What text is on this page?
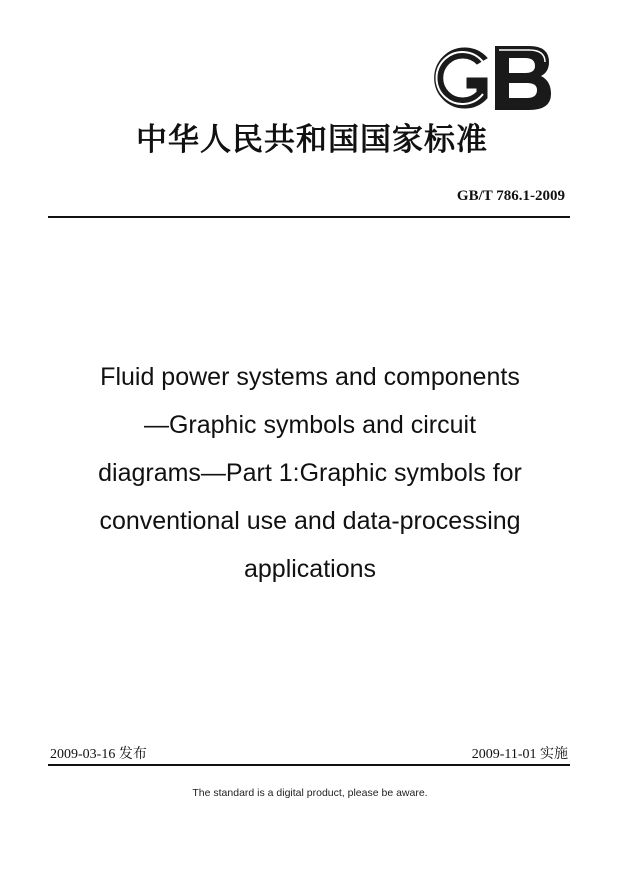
中华人民共和国国家标准
GB/T 786.1-2009
Fluid power systems and components
—Graphic symbols and circuit
diagrams—Part 1:Graphic symbols for
conventional use and data-processing
applications
2009-03-16 发布	2009-11-01 实施
The standard is a digital product, please be aware.
